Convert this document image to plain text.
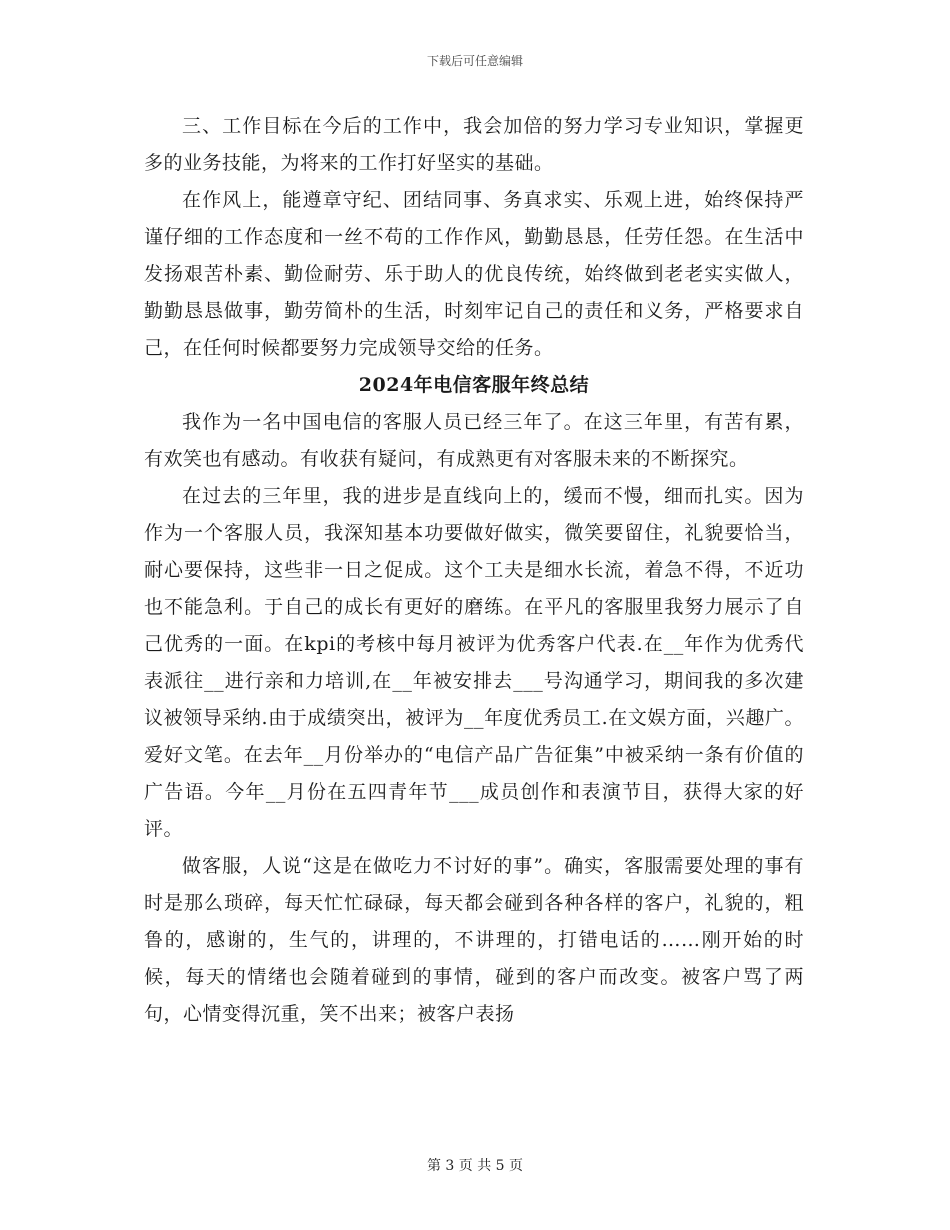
下载后可任意编辑

三、工作目标在今后的工作中，我会加倍的努力学习专业知识，掌握更多的业务技能，为将来的工作打好坚实的基础。

在作风上，能遵章守纪、团结同事、务真求实、乐观上进，始终保持严谨仔细的工作态度和一丝不苟的工作作风，勤勤恳恳，任劳任怨。在生活中发扬艰苦朴素、勤俭耐劳、乐于助人的优良传统，始终做到老老实实做人，勤勤恳恳做事，勤劳简朴的生活，时刻牢记自己的责任和义务，严格要求自己，在任何时候都要努力完成领导交给的任务。

2024年电信客服年终总结

我作为一名中国电信的客服人员已经三年了。在这三年里，有苦有累，有欢笑也有感动。有收获有疑问，有成熟更有对客服未来的不断探究。

在过去的三年里，我的进步是直线向上的，缓而不慢，细而扎实。因为作为一个客服人员，我深知基本功要做好做实，微笑要留住，礼貌要恰当，耐心要保持，这些非一日之促成。这个工夫是细水长流，着急不得，不近功也不能急利。于自己的成长有更好的磨练。在平凡的客服里我努力展示了自己优秀的一面。在kpi的考核中每月被评为优秀客户代表.在__年作为优秀代表派往__进行亲和力培训,在__年被安排去___号沟通学习，期间我的多次建议被领导采纳.由于成绩突出，被评为__年度优秀员工.在文娱方面，兴趣广。爱好文笔。在去年__月份举办的“电信产品广告征集”中被采纳一条有价值的广告语。今年__月份在五四青年节___成员创作和表演节目，获得大家的好评。

做客服，人说“这是在做吃力不讨好的事”。确实，客服需要处理的事有时是那么琐碎，每天忙忙碌碌，每天都会碰到各种各样的客户，礼貌的，粗鲁的，感谢的，生气的，讲理的，不讲理的，打错电话的……刚开始的时候，每天的情绪也会随着碰到的事情，碰到的客户而改变。被客户骂了两句，心情变得沉重，笑不出来；被客户表扬

第 3 页 共 5 页
